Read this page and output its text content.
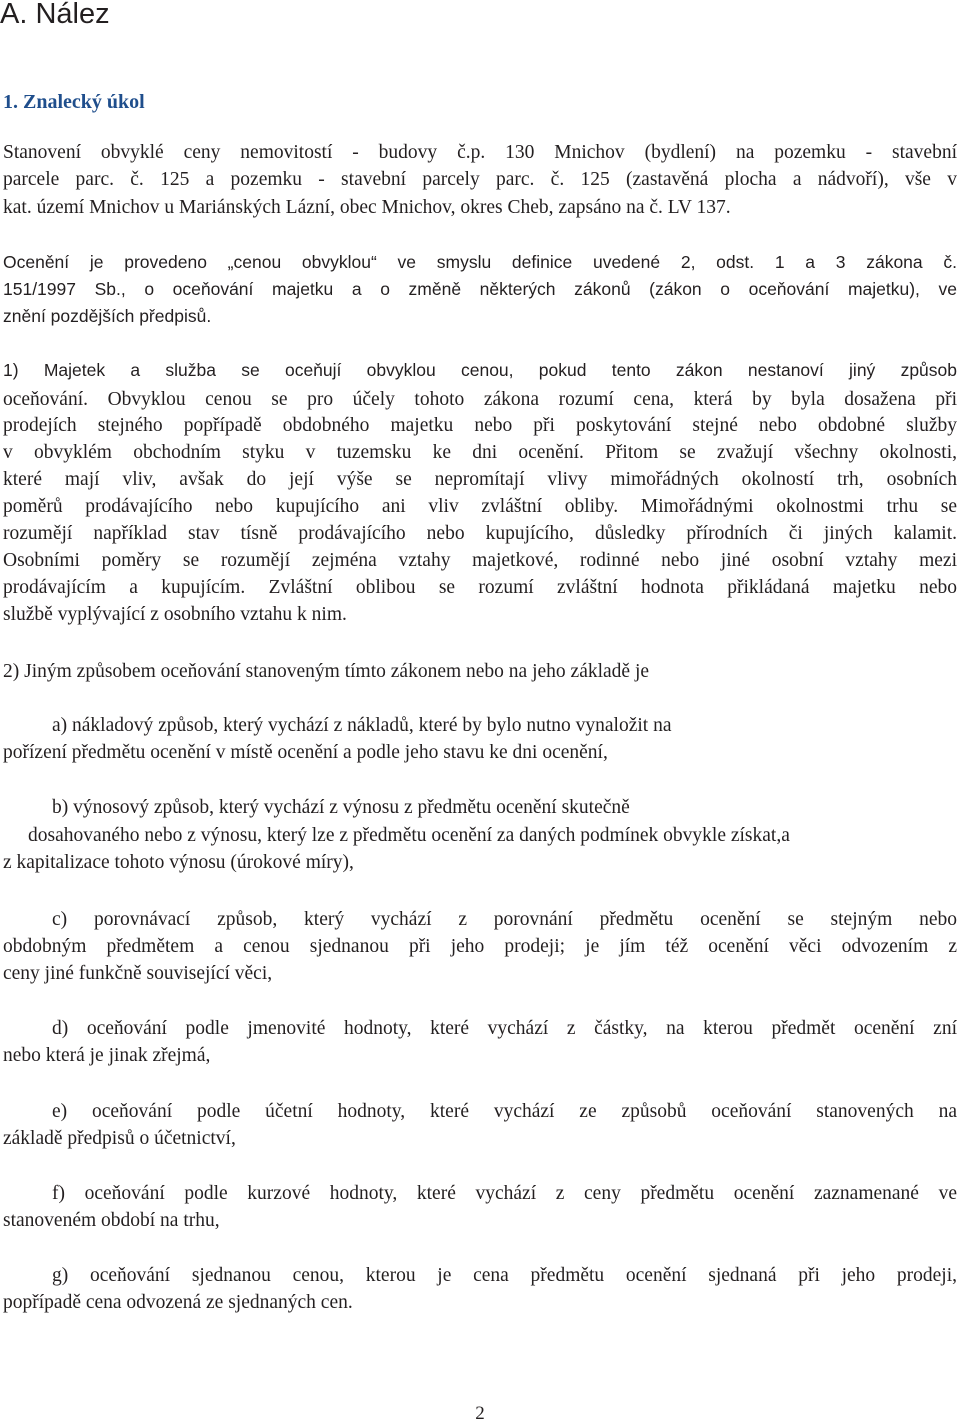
A. Nález
1. Znalecký úkol
Stanovení obvyklé ceny nemovitostí - budovy č.p. 130 Mnichov (bydlení) na pozemku - stavební
parcele parc. č. 125 a pozemku - stavební parcely parc. č. 125 (zastavěná plocha a nádvoří), vše v
kat. území Mnichov u Mariánských Lázní, obec Mnichov, okres Cheb, zapsáno na č. LV 137.
Ocenění je provedeno „cenou obvyklou“ ve smyslu definice uvedené 2, odst. 1 a 3 zákona č.
151/1997 Sb., o oceňování majetku a o změně některých zákonů (zákon o oceňování majetku), ve
znění pozdějších předpisů.
1) Majetek a služba se oceňují obvyklou cenou, pokud tento zákon nestanoví jiný způsob
oceňování. Obvyklou cenou se pro účely tohoto zákona rozumí cena, která by byla dosažena při
prodejích stejného popřípadě obdobného majetku nebo při poskytování stejné nebo obdobné služby
v obvyklém obchodním styku v tuzemsku ke dni ocenění. Přitom se zvažují všechny okolnosti,
které mají vliv, avšak do její výše se nepromítají vlivy mimořádných okolností trh, osobních
poměrů prodávajícího nebo kupujícího ani vliv zvláštní obliby. Mimořádnými okolnostmi trhu se
rozumějí například stav tísně prodávajícího nebo kupujícího, důsledky přírodních či jiných kalamit.
Osobními poměry se rozumějí zejména vztahy majetkové, rodinné nebo jiné osobní vztahy mezi
prodávajícím a kupujícím. Zvláštní oblibou se rozumí zvláštní hodnota přikládaná majetku nebo
službě vyplývající z osobního vztahu k nim.
2) Jiným způsobem oceňování stanoveným tímto zákonem nebo na jeho základě je
a) nákladový způsob, který vychází z nákladů, které by bylo nutno vynaložit na
pořízení předmětu ocenění v místě ocenění a podle jeho stavu ke dni ocenění,
b) výnosový způsob, který vychází z výnosu z předmětu ocenění skutečně
dosahovaného nebo z výnosu, který lze z předmětu ocenění za daných podmínek obvykle získat,a
z kapitalizace tohoto výnosu (úrokové míry),
c) porovnávací způsob, který vychází z porovnání předmětu ocenění se stejným nebo
obdobným předmětem a cenou sjednanou při jeho prodeji; je jím též ocenění věci odvozením z
ceny jiné funkčně související věci,
d) oceňování podle jmenovité hodnoty, které vychází z částky, na kterou předmět ocenění zní
nebo která je jinak zřejmá,
e) oceňování podle účetní hodnoty, které vychází ze způsobů oceňování stanovených na
základě předpisů o účetnictví,
f) oceňování podle kurzové hodnoty, které vychází z ceny předmětu ocenění zaznamenané ve
stanoveném období na trhu,
g) oceňování sjednanou cenou, kterou je cena předmětu ocenění sjednaná při jeho prodeji,
popřípadě cena odvozená ze sjednaných cen.
2
